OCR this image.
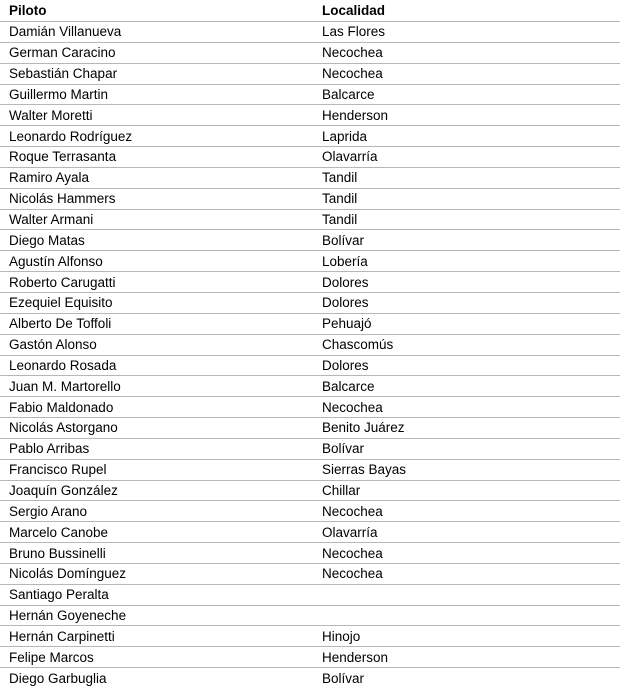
Piloto	Localidad
Damián Villanueva	Las Flores
German Caracino	Necochea
Sebastián Chapar	Necochea
Guillermo Martin	Balcarce
Walter Moretti	Henderson
Leonardo Rodríguez	Laprida
Roque Terrasanta	Olavarría
Ramiro Ayala	Tandil
Nicolás Hammers	Tandil
Walter Armani	Tandil
Diego Matas	Bolívar
Agustín Alfonso	Lobería
Roberto Carugatti	Dolores
Ezequiel Equisito	Dolores
Alberto De Toffoli	Pehuajó
Gastón Alonso	Chascomús
Leonardo Rosada	Dolores
Juan M. Martorello	Balcarce
Fabio Maldonado	Necochea
Nicolás Astorgano	Benito Juárez
Pablo Arribas	Bolívar
Francisco Rupel	Sierras Bayas
Joaquín González	Chillar
Sergio Arano	Necochea
Marcelo Canobe	Olavarría
Bruno Bussinelli	Necochea
Nicolás Domínguez	Necochea
Santiago Peralta	
Hernán Goyeneche	
Hernán Carpinetti	Hinojo
Felipe Marcos	Henderson
Diego Garbuglia	Bolívar
